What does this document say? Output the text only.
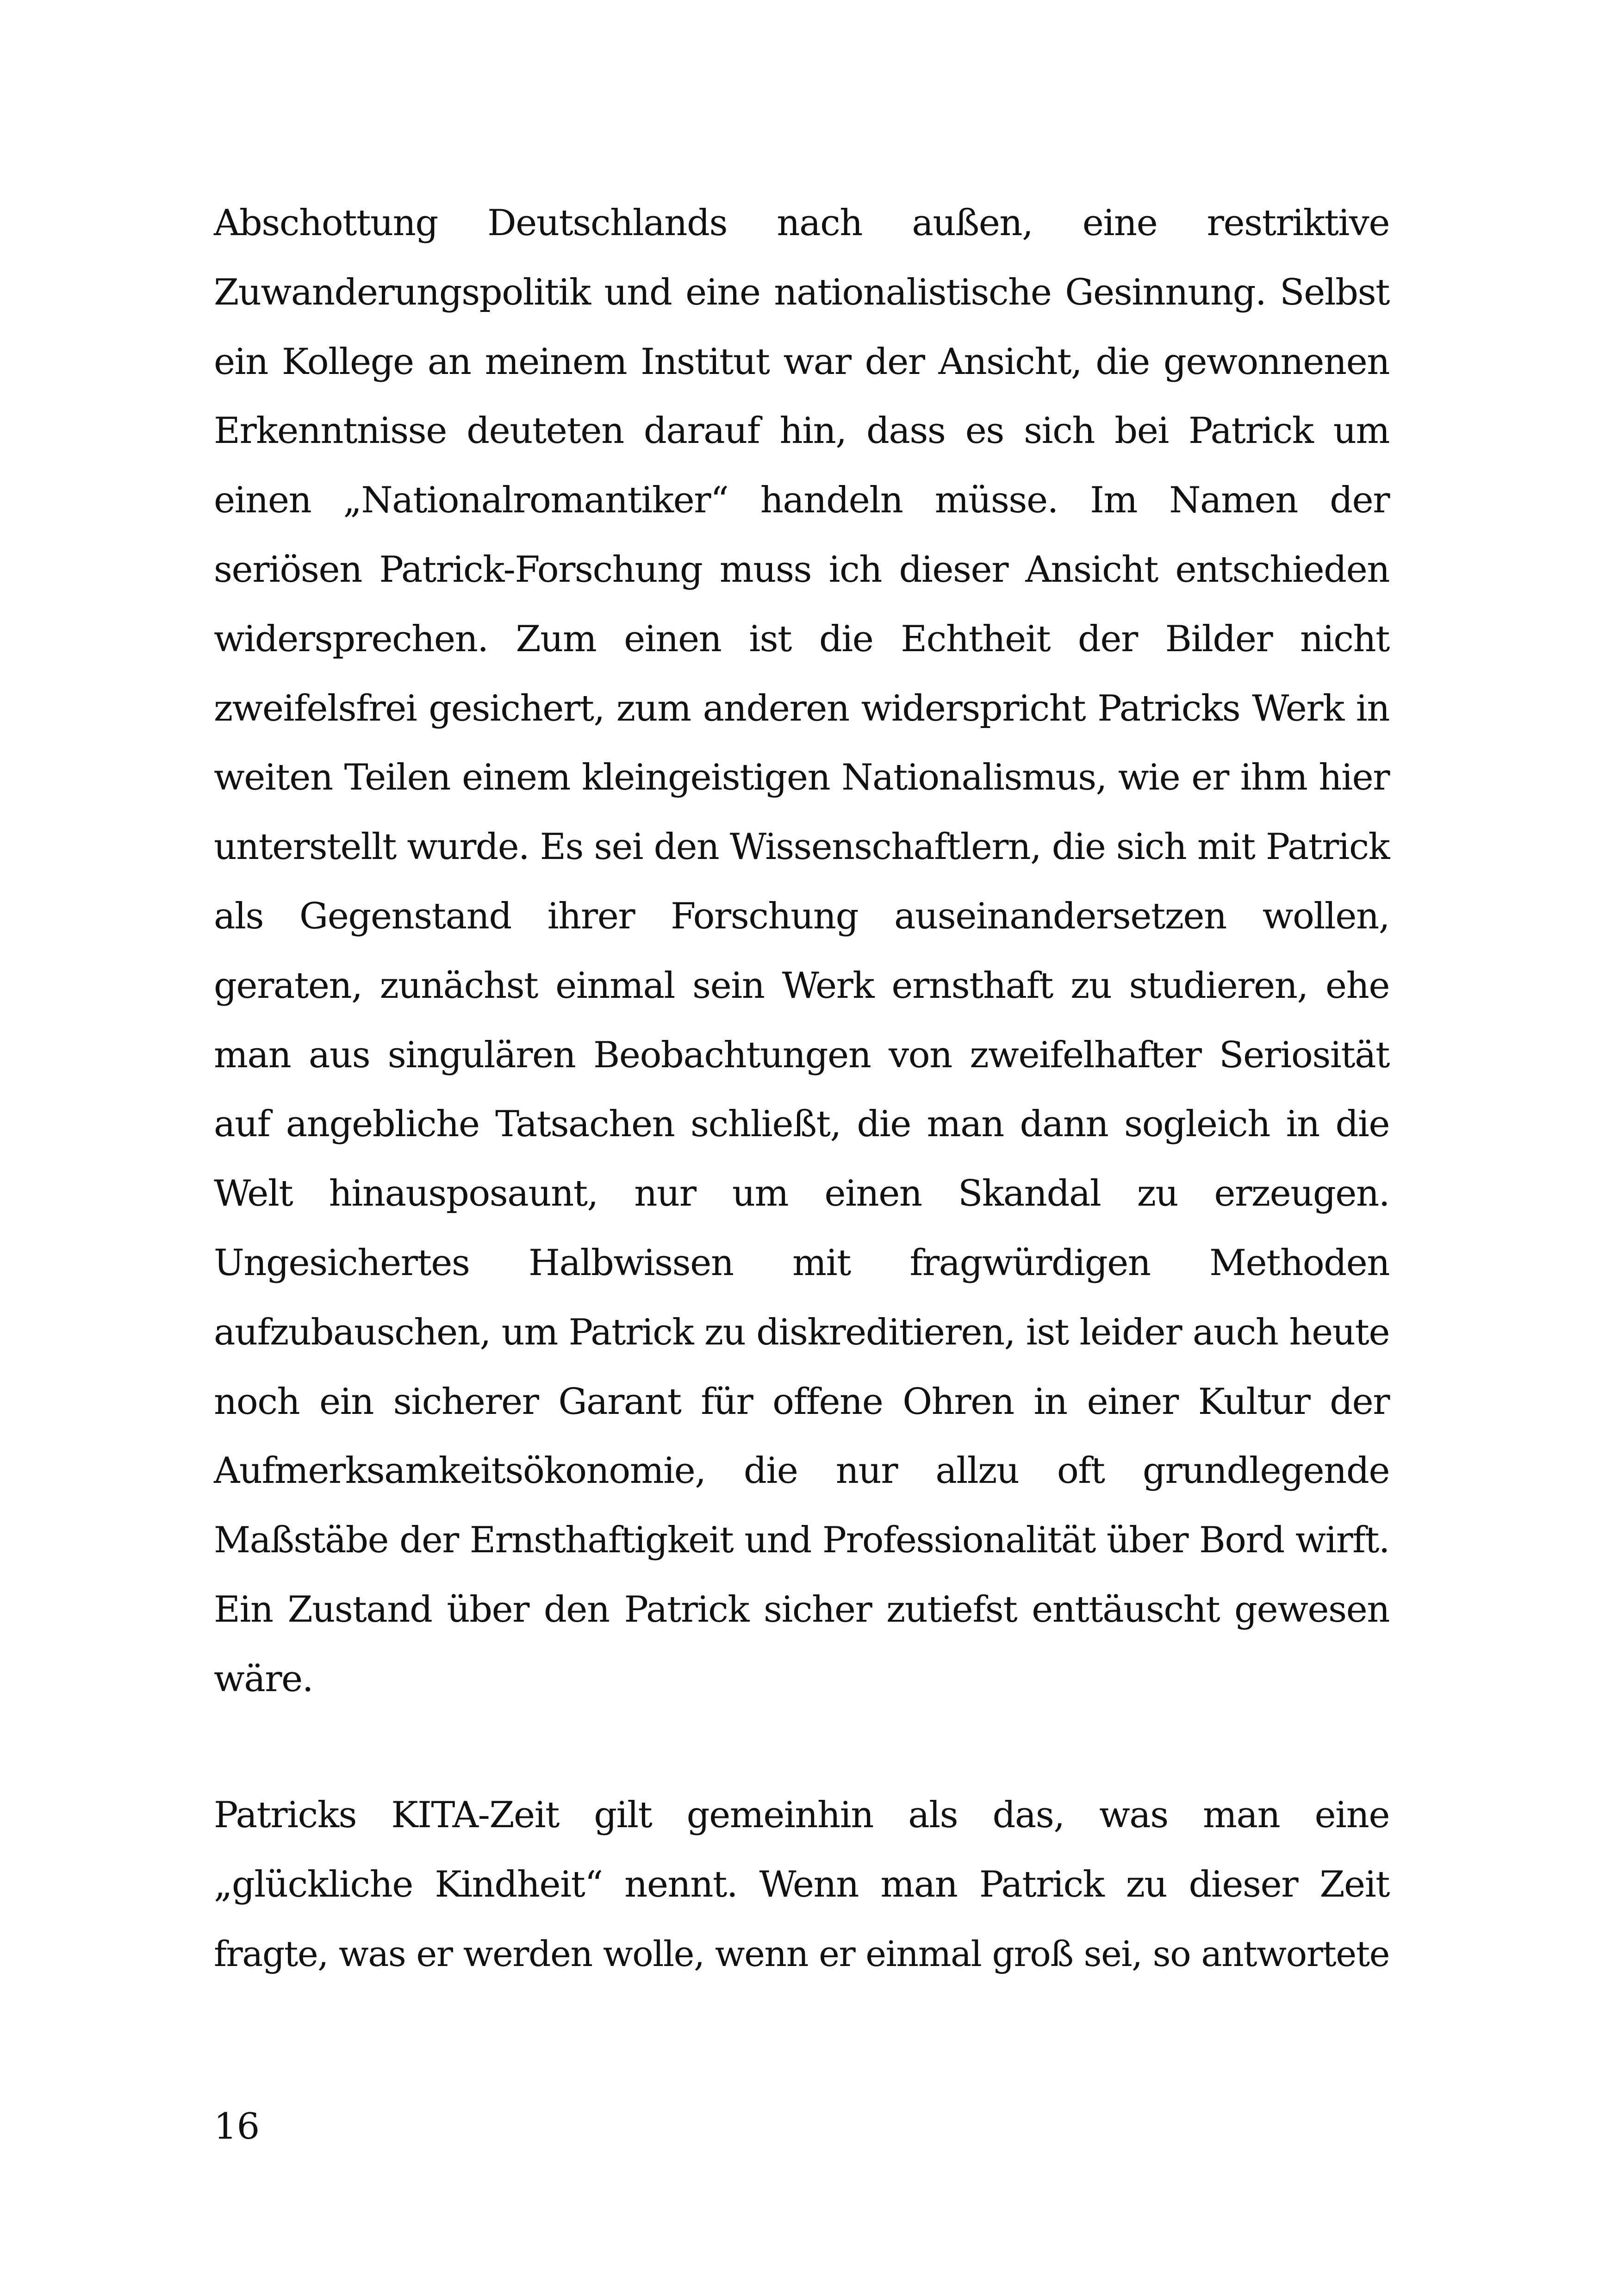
Abschottung Deutschlands nach außen, eine restriktive
Zuwanderungspolitik und eine nationalistische Gesinnung. Selbst
ein Kollege an meinem Institut war der Ansicht, die gewonnenen
Erkenntnisse deuteten darauf hin, dass es sich bei Patrick um
einen „Nationalromantiker“ handeln müsse. Im Namen der
seriösen Patrick-Forschung muss ich dieser Ansicht entschieden
widersprechen. Zum einen ist die Echtheit der Bilder nicht
zweifelsfrei gesichert, zum anderen widerspricht Patricks Werk in
weiten Teilen einem kleingeistigen Nationalismus, wie er ihm hier
unterstellt wurde. Es sei den Wissenschaftlern, die sich mit Patrick
als Gegenstand ihrer Forschung auseinandersetzen wollen,
geraten, zunächst einmal sein Werk ernsthaft zu studieren, ehe
man aus singulären Beobachtungen von zweifelhafter Seriosität
auf angebliche Tatsachen schließt, die man dann sogleich in die
Welt hinausposaunt, nur um einen Skandal zu erzeugen.
Ungesichertes Halbwissen mit fragwürdigen Methoden
aufzubauschen, um Patrick zu diskreditieren, ist leider auch heute
noch ein sicherer Garant für offene Ohren in einer Kultur der
Aufmerksamkeitsökonomie, die nur allzu oft grundlegende
Maßstäbe der Ernsthaftigkeit und Professionalität über Bord wirft.
Ein Zustand über den Patrick sicher zutiefst enttäuscht gewesen
wäre.
Patricks KITA-Zeit gilt gemeinhin als das, was man eine
„glückliche Kindheit“ nennt. Wenn man Patrick zu dieser Zeit
fragte, was er werden wolle, wenn er einmal groß sei, so antwortete
16
